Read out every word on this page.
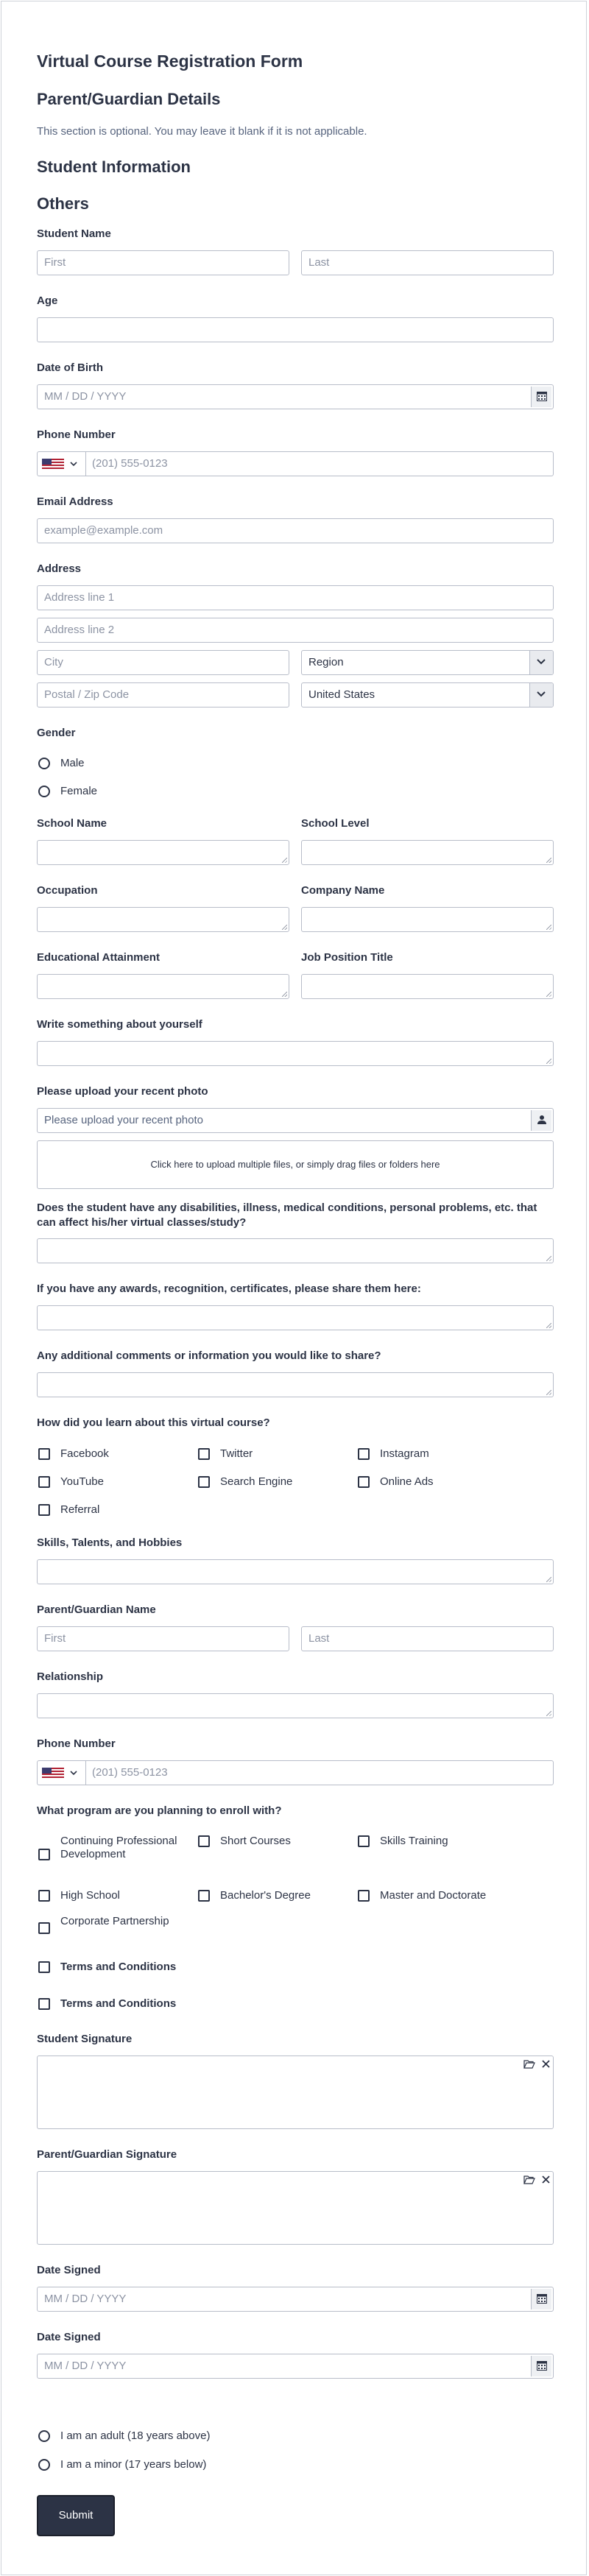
Virtual Course Registration Form
Parent/Guardian Details
This section is optional. You may leave it blank if it is not applicable.
Student Information
Others
Student Name
First	Last
Age
Date of Birth
MM / DD / YYYY
Phone Number
(201) 555-0123
Email Address
example@example.com
Address
Address line 1
Address line 2
City	Region
Postal / Zip Code	United States
Gender
Male
Female
School Name	School Level
Occupation	Company Name
Educational Attainment	Job Position Title
Write something about yourself
Please upload your recent photo
Please upload your recent photo
Click here to upload multiple files, or simply drag files or folders here
Does the student have any disabilities, illness, medical conditions, personal problems, etc. that can affect his/her virtual classes/study?
If you have any awards, recognition, certificates, please share them here:
Any additional comments or information you would like to share?
How did you learn about this virtual course?
Facebook	Twitter	Instagram
YouTube	Search Engine	Online Ads
Referral
Skills, Talents, and Hobbies
Parent/Guardian Name
First	Last
Relationship
Phone Number
(201) 555-0123
What program are you planning to enroll with?
Continuing Professional Development
Short Courses	Skills Training
High School	Bachelor's Degree	Master and Doctorate
Corporate Partnership
Terms and Conditions
Terms and Conditions
Student Signature
Parent/Guardian Signature
Date Signed
MM / DD / YYYY
Date Signed
MM / DD / YYYY
I am an adult (18 years above)
I am a minor (17 years below)
Submit
